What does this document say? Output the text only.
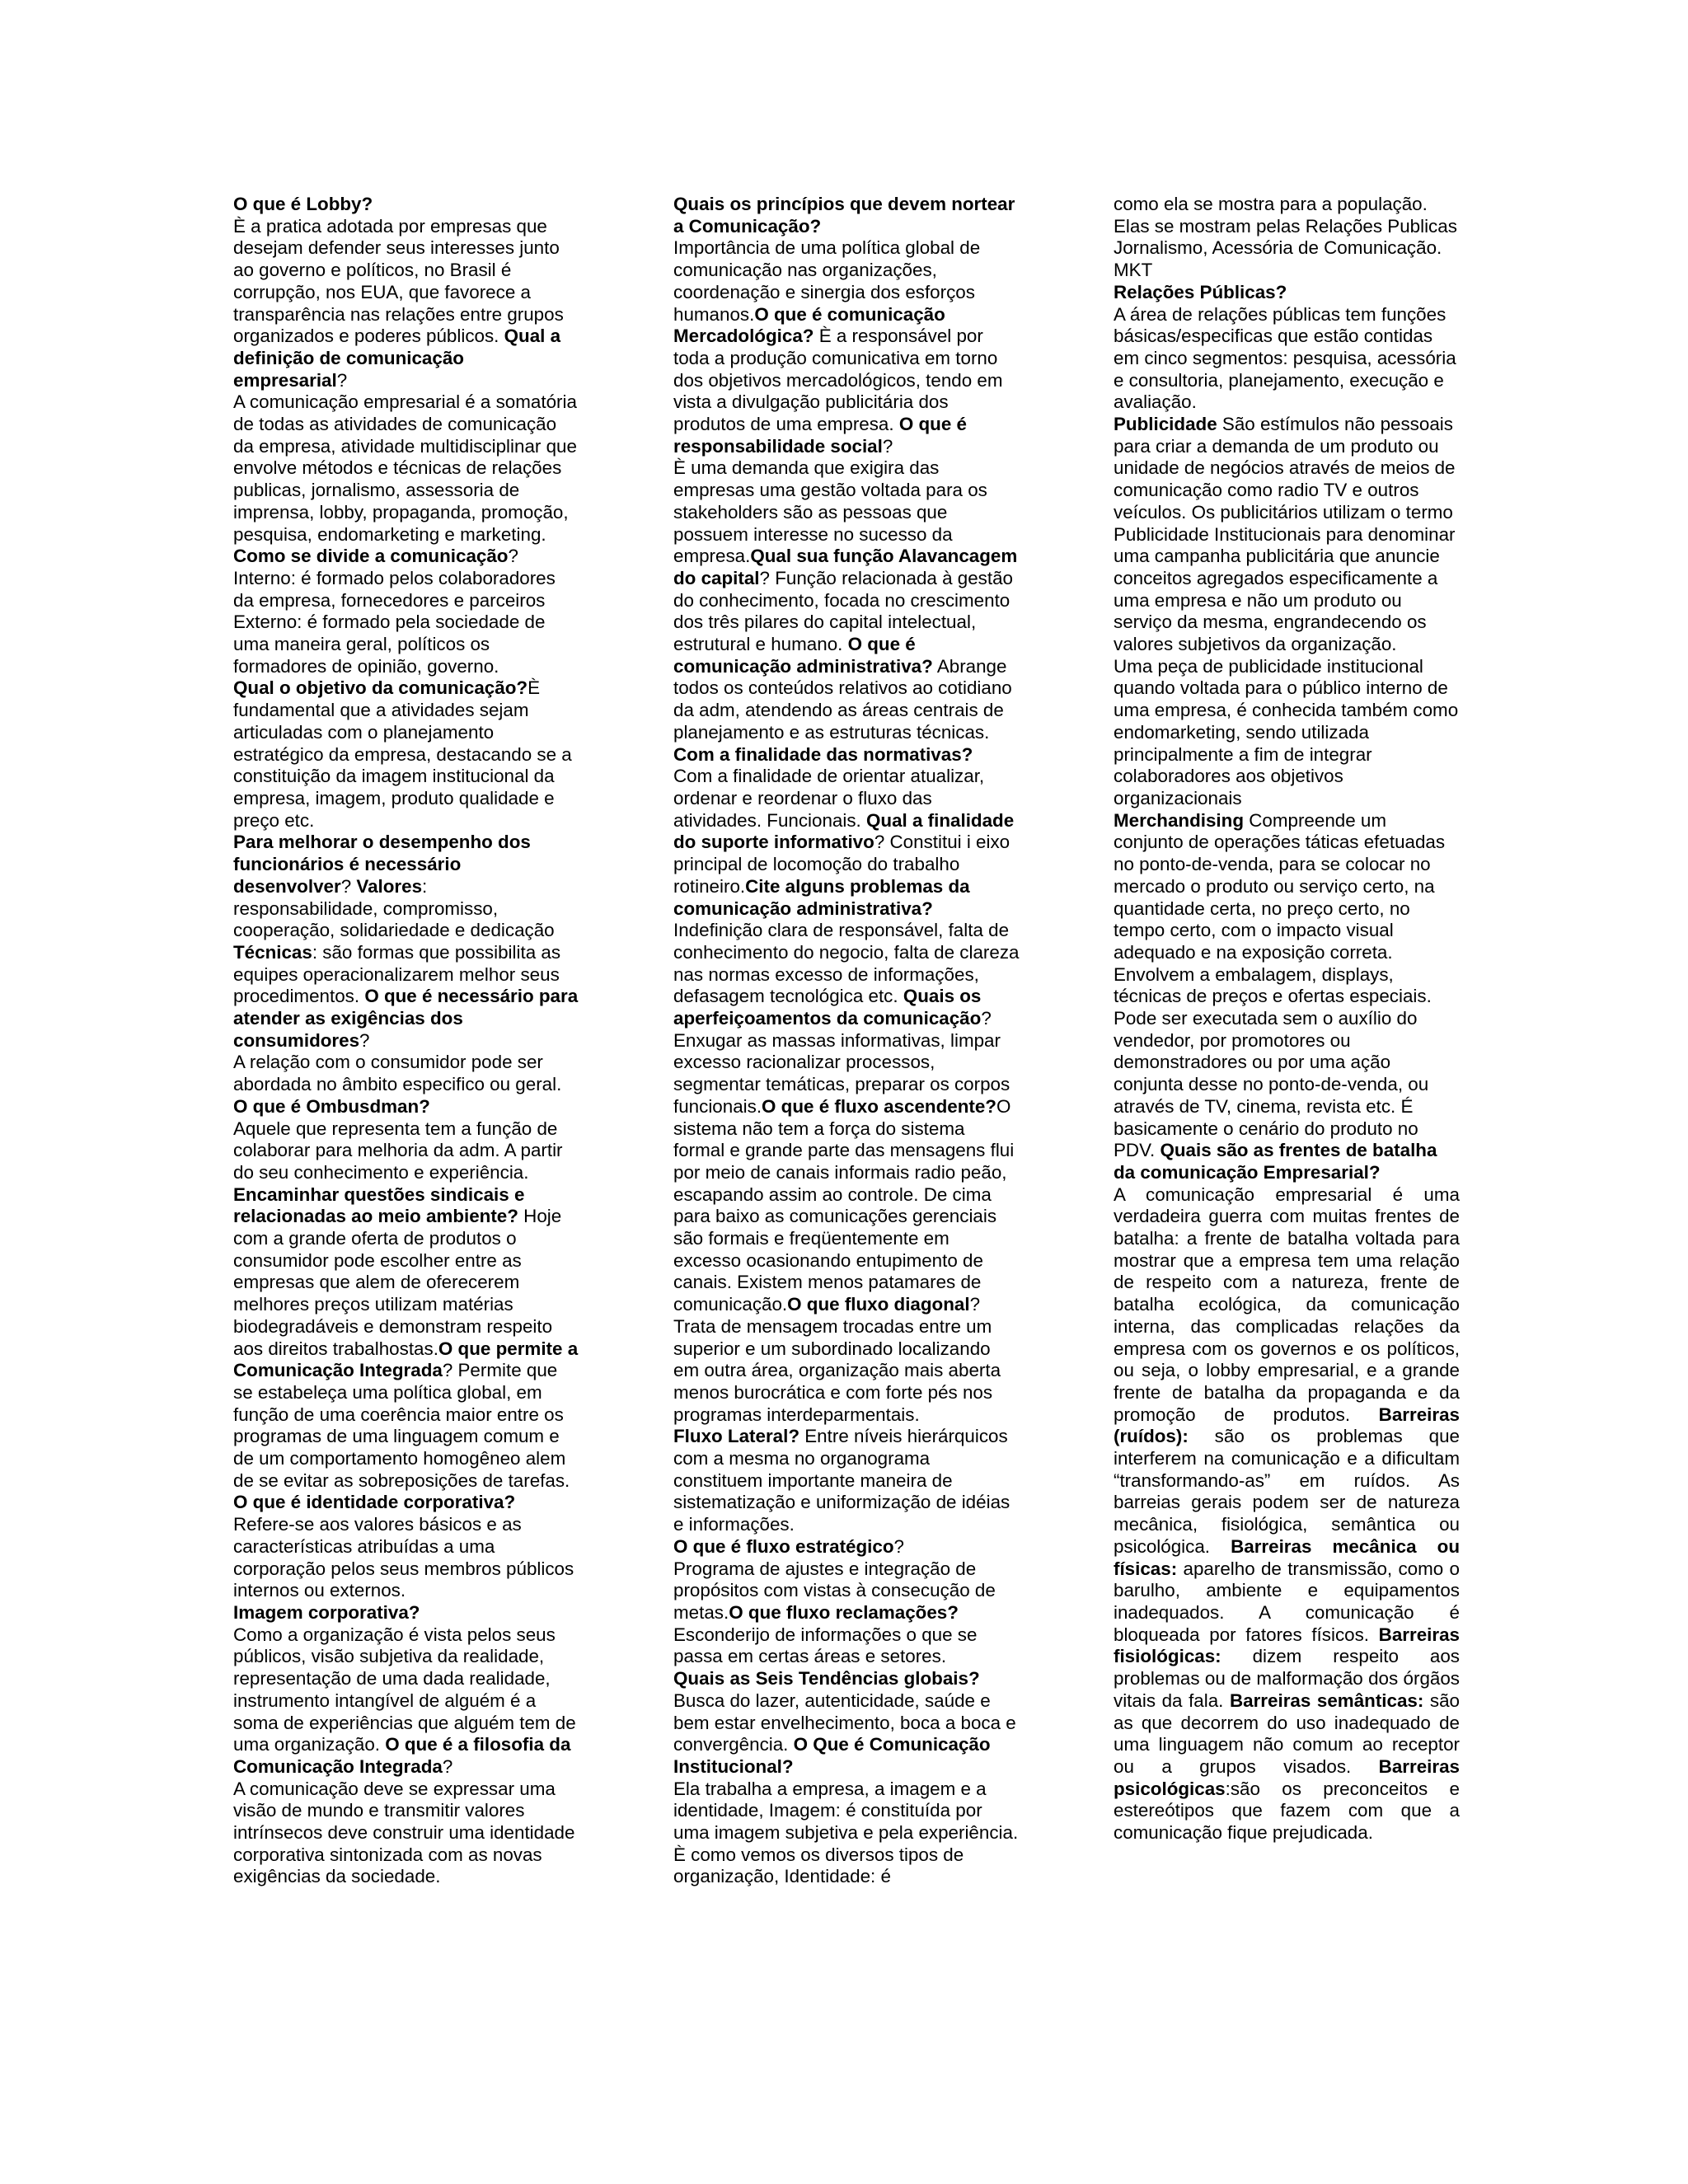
O que é Lobby?

È a pratica adotada por empresas que desejam defender seus interesses junto ao governo e políticos, no Brasil é corrupção, nos EUA, que favorece a transparência nas relações entre grupos organizados e poderes públicos. Qual a definição de comunicação empresarial?

A comunicação empresarial é a somatória de todas as atividades de comunicação da empresa, atividade multidisciplinar que envolve métodos e técnicas de relações publicas, jornalismo, assessoria de imprensa, lobby, propaganda, promoção, pesquisa, endomarketing e marketing.

Como se divide a comunicação?

Interno: é formado pelos colaboradores da empresa, fornecedores e parceiros Externo: é formado pela sociedade de uma maneira geral, políticos os formadores de opinião, governo.

Qual o objetivo da comunicação?È fundamental que a atividades sejam articuladas com o planejamento estratégico da empresa, destacando se a constituição da imagem institucional da empresa, imagem, produto qualidade e preço etc.

Para melhorar o desempenho dos funcionários é necessário desenvolver? Valores:

responsabilidade, compromisso, cooperação, solidariedade e dedicação Técnicas: são formas que possibilita as equipes operacionalizarem melhor seus procedimentos. O que é necessário para atender as exigências dos consumidores?

A relação com o consumidor pode ser abordada no âmbito especifico ou geral. O que é Ombusdman?

Aquele que representa tem a função de colaborar para melhoria da adm. A partir do seu conhecimento e experiência. Encaminhar questões sindicais e relacionadas ao meio ambiente? Hoje com a grande oferta de produtos o consumidor pode escolher entre as empresas que alem de oferecerem melhores preços utilizam matérias biodegradáveis e demonstram respeito aos direitos trabalhostas.O que permite a Comunicação Integrada? Permite que se estabeleça uma política global, em função de uma coerência maior entre os programas de uma linguagem comum e de um comportamento homogêneo alem de se evitar as sobreposições de tarefas. O que é identidade corporativa? Refere-se aos valores básicos e as características atribuídas a uma corporação pelos seus membros públicos internos ou externos.

Imagem corporativa?

Como a organização é vista pelos seus públicos, visão subjetiva da realidade, representação de uma dada realidade, instrumento intangível de alguém é a soma de experiências que alguém tem de uma organização. O que é a filosofia da Comunicação Integrada?

A comunicação deve se expressar uma visão de mundo e transmitir valores intrínsecos deve construir uma identidade corporativa sintonizada com as novas exigências da sociedade.

Quais os princípios que devem nortear a Comunicação?

Importância de uma política global de comunicação nas organizações, coordenação e sinergia dos esforços humanos.O que é comunicação Mercadológica? È a responsável por toda a produção comunicativa em torno dos objetivos mercadológicos, tendo em vista a divulgação publicitária dos produtos de uma empresa. O que é responsabilidade social?

È uma demanda que exigira das empresas uma gestão voltada para os stakeholders são as pessoas que possuem interesse no sucesso da empresa.Qual sua função Alavancagem do capital? Função relacionada à gestão do conhecimento, focada no crescimento dos três pilares do capital intelectual, estrutural e humano. O que é comunicação administrativa? Abrange todos os conteúdos relativos ao cotidiano da adm, atendendo as áreas centrais de planejamento e as estruturas técnicas.

Com a finalidade das normativas?

Com a finalidade de orientar atualizar, ordenar e reordenar o fluxo das atividades. Funcionais. Qual a finalidade do suporte informativo? Constitui i eixo principal de locomoção do trabalho rotineiro.Cite alguns problemas da comunicação administrativa?Indefinição clara de responsável, falta de conhecimento do negocio, falta de clareza nas normas excesso de informações, defasagem tecnológica etc. Quais os aperfeiçoamentos da comunicação? Enxugar as massas informativas, limpar excesso racionalizar processos, segmentar temáticas, preparar os corpos funcionais.O que é fluxo ascendente?O sistema não tem a força do sistema formal e grande parte das mensagens flui por meio de canais informais radio peão, escapando assim ao controle. De cima para baixo as comunicações gerenciais são formais e freqüentemente em excesso ocasionando entupimento de canais. Existem menos patamares de comunicação.O que fluxo diagonal? Trata de mensagem trocadas entre um superior e um subordinado localizando em outra área, organização mais aberta menos burocrática e com forte pés nos programas interdeparmentais.

Fluxo Lateral? Entre níveis hierárquicos com a mesma no organograma constituem importante maneira de sistematização e uniformização de idéias e informações.

O que é fluxo estratégico?

Programa de ajustes e integração de propósitos com vistas à consecução de metas.O que fluxo reclamações? Esconderijo de informações o que se passa em certas áreas e setores.

Quais as Seis Tendências globais? Busca do lazer, autenticidade, saúde e bem estar envelhecimento, boca a boca e convergência. O Que é Comunicação Institucional?

Ela trabalha a empresa, a imagem e a identidade, Imagem: é constituída por uma imagem subjetiva e pela experiência. È como vemos os diversos tipos de organização, Identidade: é

como ela se mostra para a população. Elas se mostram pelas Relações Publicas Jornalismo, Acessória de Comunicação. MKT

Relações Públicas?

A área de relações públicas tem funções básicas/especificas que estão contidas em cinco segmentos: pesquisa, acessória e consultoria, planejamento, execução e avaliação.

Publicidade São estímulos não pessoais para criar a demanda de um produto ou unidade de negócios através de meios de comunicação como radio TV e outros veículos. Os publicitários utilizam o termo Publicidade Institucionais para denominar uma campanha publicitária que anuncie conceitos agregados especificamente a uma empresa e não um produto ou serviço da mesma, engrandecendo os valores subjetivos da organização.

Uma peça de publicidade institucional quando voltada para o público interno de uma empresa, é conhecida também como endomarketing, sendo utilizada principalmente a fim de integrar colaboradores aos objetivos organizacionais

Merchandising Compreende um conjunto de operações táticas efetuadas no ponto-de-venda, para se colocar no mercado o produto ou serviço certo, na quantidade certa, no preço certo, no tempo certo, com o impacto visual adequado e na exposição correta. Envolvem a embalagem, displays, técnicas de preços e ofertas especiais. Pode ser executada sem o auxílio do vendedor, por promotores ou demonstradores ou por uma ação conjunta desse no ponto-de-venda, ou através de TV, cinema, revista etc. É basicamente o cenário do produto no PDV. Quais são as frentes de batalha da comunicação Empresarial?

A comunicação empresarial é uma verdadeira guerra com muitas frentes de batalha: a frente de batalha voltada para mostrar que a empresa tem uma relação de respeito com a natureza, frente de batalha ecológica, da comunicação interna, das complicadas relações da empresa com os governos e os políticos, ou seja, o lobby empresarial, e a grande frente de batalha da propaganda e da promoção de produtos. Barreiras (ruídos): são os problemas que interferem na comunicação e a dificultam “transformando-as” em ruídos. As barreias gerais podem ser de natureza mecânica, fisiológica, semântica ou psicológica. Barreiras mecânica ou físicas: aparelho de transmissão, como o barulho, ambiente e equipamentos inadequados. A comunicação é bloqueada por fatores físicos. Barreiras fisiológicas: dizem respeito aos problemas ou de malformação dos órgãos vitais da fala. Barreiras semânticas: são as que decorrem do uso inadequado de uma linguagem não comum ao receptor ou a grupos visados. Barreiras psicológicas:são os preconceitos e estereótipos que fazem com que a comunicação fique prejudicada.
